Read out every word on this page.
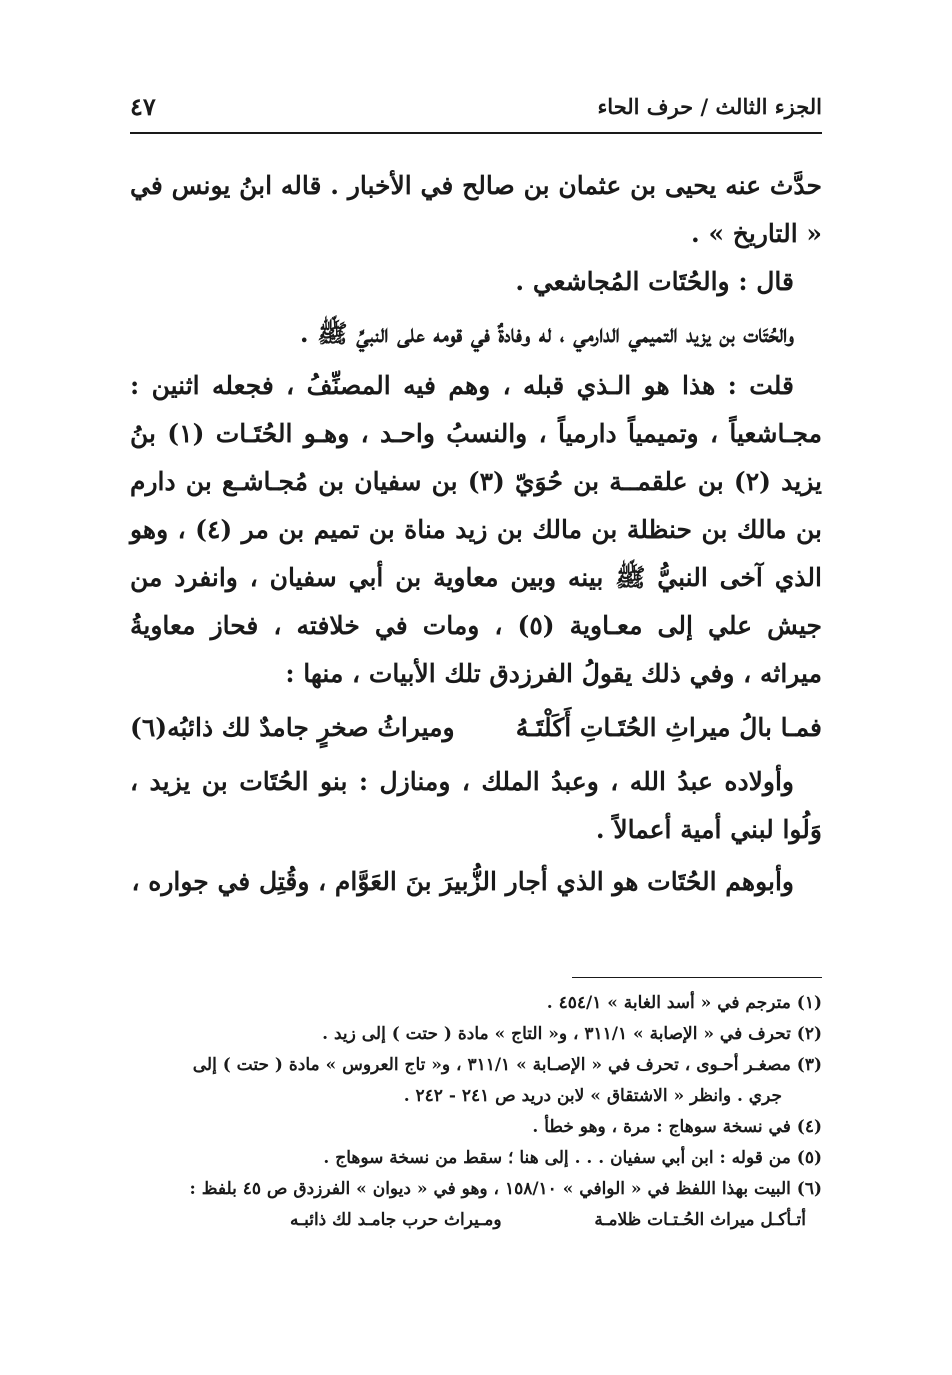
الجزء الثالث / حرف الحاء
٤٧

حدَّث عنه يحيى بن عثمان بن صالح في الأخبار . قاله ابنُ يونس في « التاريخ » .

قال : والحُتَات المُجاشعي .

والحُتَات بن يزيد التميمي الدارمي ، له وفادةٌ في قومه على النبيِّ ﷺ .

قلت : هذا هو الـذي قبله ، وهم فيه المصنِّفُ ، فجعله اثنين : مجـاشعياً ، وتميمياً دارمياً ، والنسبُ واحـد ، وهـو الحُتَـات (١) بنُ يزيد (٢) بن علقمــة بن حُوَيّ (٣) بن سفيان بن مُجـاشـع بن دارم بن مالك بن حنظلة بن مالك بن زيد مناة بن تميم بن مر (٤) ، وهو الذي آخى النبيُّ ﷺ بينه وبين معاوية بن أبي سفيان ، وانفرد من جيش علي إلى معـاوية (٥) ، ومات في خلافته ، فحاز معاويةُ ميراثه ، وفي ذلك يقولُ الفرزدق تلك الأبيات ، منها :

فمـا بالُ ميراثِ الحُتَـاتِ أَكَلْتَـهُ
وميراثُ صخرٍ جامدٌ لك ذائبُه(٦)

وأولاده عبدُ الله ، وعبدُ الملك ، ومنازل : بنو الحُتَات بن يزيد ، وَلُوا لبني أمية أعمالاً .

وأبوهم الحُتَات هو الذي أجار الزُّبيرَ بنَ العَوَّام ، وقُتِل في جواره ،

(١) مترجم في « أسد الغابة » ٤٥٤/١ .

(٢) تحرف في « الإصابة » ٣١١/١ ، و« التاج » مادة ( حتت ) إلى زيد .

(٣) مصغـر أحـوى ، تحرف في « الإصـابة » ٣١١/١ ، و« تاج العروس » مادة ( حتت ) إلى

جري . وانظر « الاشتقاق » لابن دريد ص ٢٤١ - ٢٤٢ .

(٤) في نسخة سوهاج : مرة ، وهو خطأ .

(٥) من قوله : ابن أبي سفيان . . . إلى هنا ؛ سقط من نسخة سوهاج .

(٦) البيت بهذا اللفظ في « الوافي » ١٥٨/١٠ ، وهو في « ديوان » الفرزدق ص ٤٥ بلفظ :

أتـأكـل ميراث الحُـتـات ظلامـة
ومـيراث حرب جامـد لك ذائبـه
